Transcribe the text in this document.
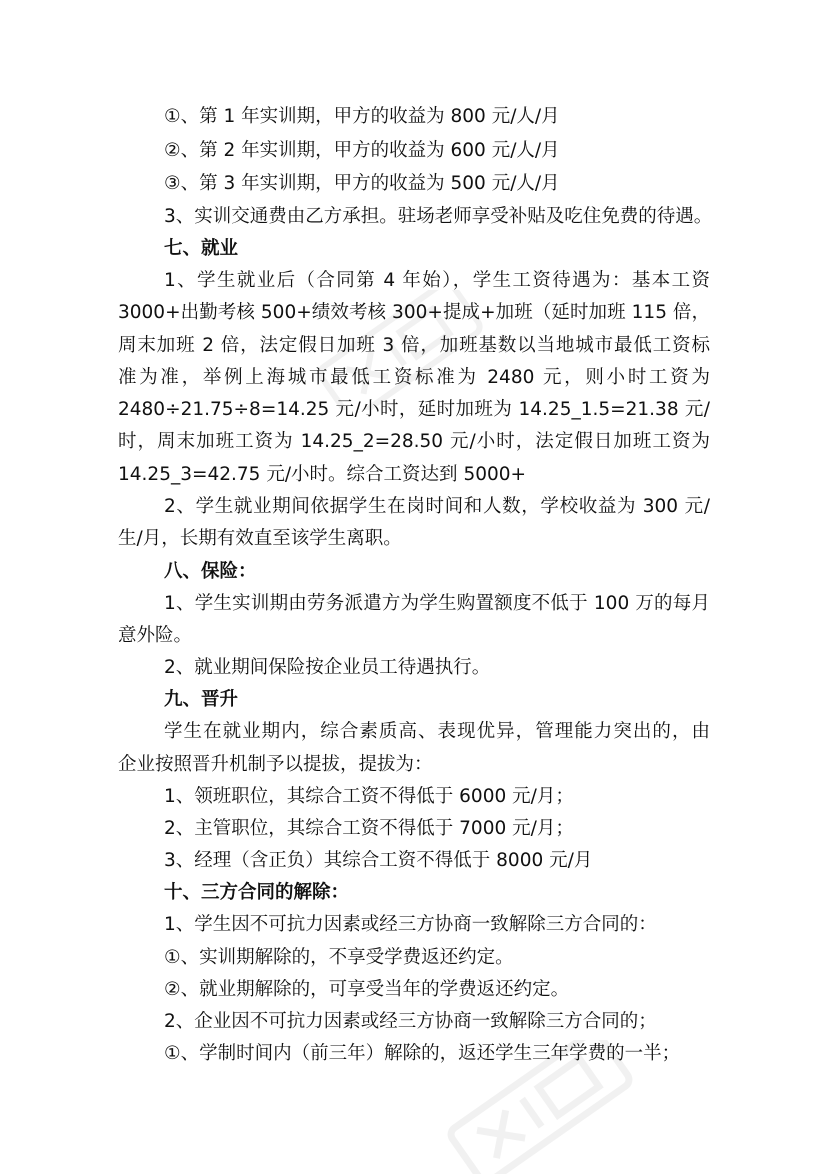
①、第 1 年实训期，甲方的收益为 800 元/人/月
②、第 2 年实训期，甲方的收益为 600 元/人/月
③、第 3 年实训期，甲方的收益为 500 元/人/月
3、实训交通费由乙方承担。驻场老师享受补贴及吃住免费的待遇。
七、就业
1、学生就业后（合同第 4 年始），学生工资待遇为：基本工资
3000+出勤考核 500+绩效考核 300+提成+加班（延时加班 115 倍，
周末加班 2 倍，法定假日加班 3 倍，加班基数以当地城市最低工资标
准为准，举例上海城市最低工资标准为 2480 元，则小时工资为
2480÷21.75÷8=14.25 元/小时，延时加班为 14.25_1.5=21.38 元/
时，周末加班工资为 14.25_2=28.50 元/小时，法定假日加班工资为
14.25_3=42.75 元/小时。综合工资达到 5000+
2、学生就业期间依据学生在岗时间和人数，学校收益为 300 元/
生/月，长期有效直至该学生离职。
八、保险：
1、学生实训期由劳务派遣方为学生购置额度不低于 100 万的每月
意外险。
2、就业期间保险按企业员工待遇执行。
九、晋升
学生在就业期内，综合素质高、表现优异，管理能力突出的，由
企业按照晋升机制予以提拔，提拔为：
1、领班职位，其综合工资不得低于 6000 元/月；
2、主管职位，其综合工资不得低于 7000 元/月；
3、经理（含正负）其综合工资不得低于 8000 元/月
十、三方合同的解除：
1、学生因不可抗力因素或经三方协商一致解除三方合同的：
①、实训期解除的，不享受学费返还约定。
②、就业期解除的，可享受当年的学费返还约定。
2、企业因不可抗力因素或经三方协商一致解除三方合同的；
①、学制时间内（前三年）解除的，返还学生三年学费的一半；
